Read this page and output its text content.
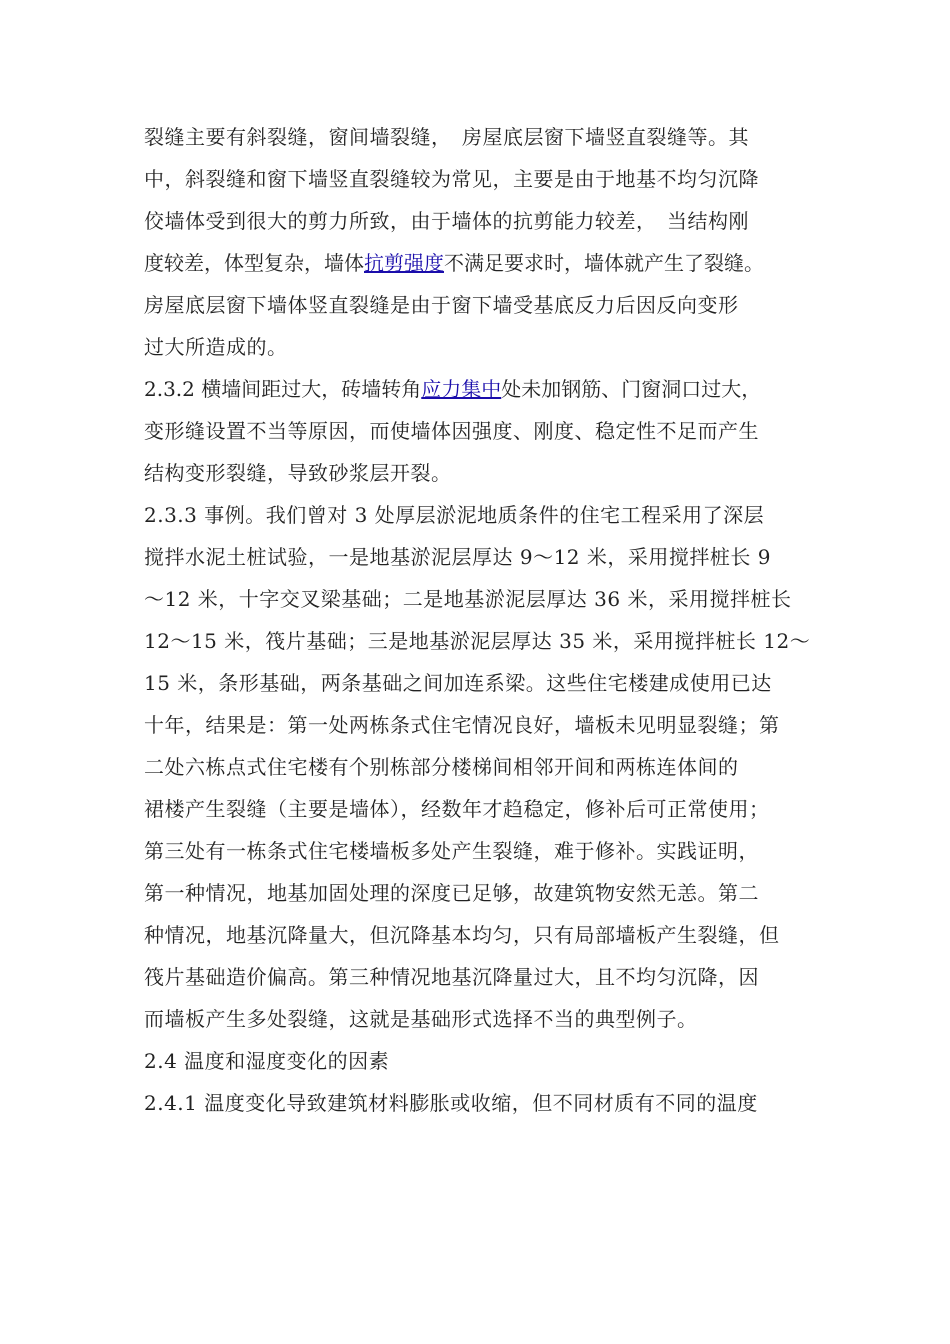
裂缝主要有斜裂缝，窗间墙裂缝，　房屋底层窗下墙竖直裂缝等。其
中，斜裂缝和窗下墙竖直裂缝较为常见，主要是由于地基不均匀沉降
佼墙体受到很大的剪力所致，由于墙体的抗剪能力较差，　当结构刚
度较差，体型复杂，墙体抗剪强度不满足要求时，墙体就产生了裂缝。
房屋底层窗下墙体竖直裂缝是由于窗下墙受基底反力后因反向变形
过大所造成的。
2.3.2 横墙间距过大，砖墙转角应力集中处未加钢筋、门窗洞口过大，
变形缝设置不当等原因，而使墙体因强度、刚度、稳定性不足而产生
结构变形裂缝，导致砂浆层开裂。
2.3.3 事例。我们曾对 3 处厚层淤泥地质条件的住宅工程采用了深层
搅拌水泥土桩试验，一是地基淤泥层厚达 9～12 米，采用搅拌桩长 9
～12 米，十字交叉梁基础；二是地基淤泥层厚达 36 米，采用搅拌桩长
12～15 米，筏片基础；三是地基淤泥层厚达 35 米，采用搅拌桩长 12～
15 米，条形基础，两条基础之间加连系梁。这些住宅楼建成使用已达
十年，结果是：第一处两栋条式住宅情况良好，墙板未见明显裂缝；第
二处六栋点式住宅楼有个别栋部分楼梯间相邻开间和两栋连体间的
裙楼产生裂缝（主要是墙体），经数年才趋稳定，修补后可正常使用；
第三处有一栋条式住宅楼墙板多处产生裂缝，难于修补。实践证明，
第一种情况，地基加固处理的深度已足够，故建筑物安然无恙。第二
种情况，地基沉降量大，但沉降基本均匀，只有局部墙板产生裂缝，但
筏片基础造价偏高。第三种情况地基沉降量过大，且不均匀沉降，因
而墙板产生多处裂缝，这就是基础形式选择不当的典型例子。
2.4 温度和湿度变化的因素
2.4.1 温度变化导致建筑材料膨胀或收缩，但不同材质有不同的温度
